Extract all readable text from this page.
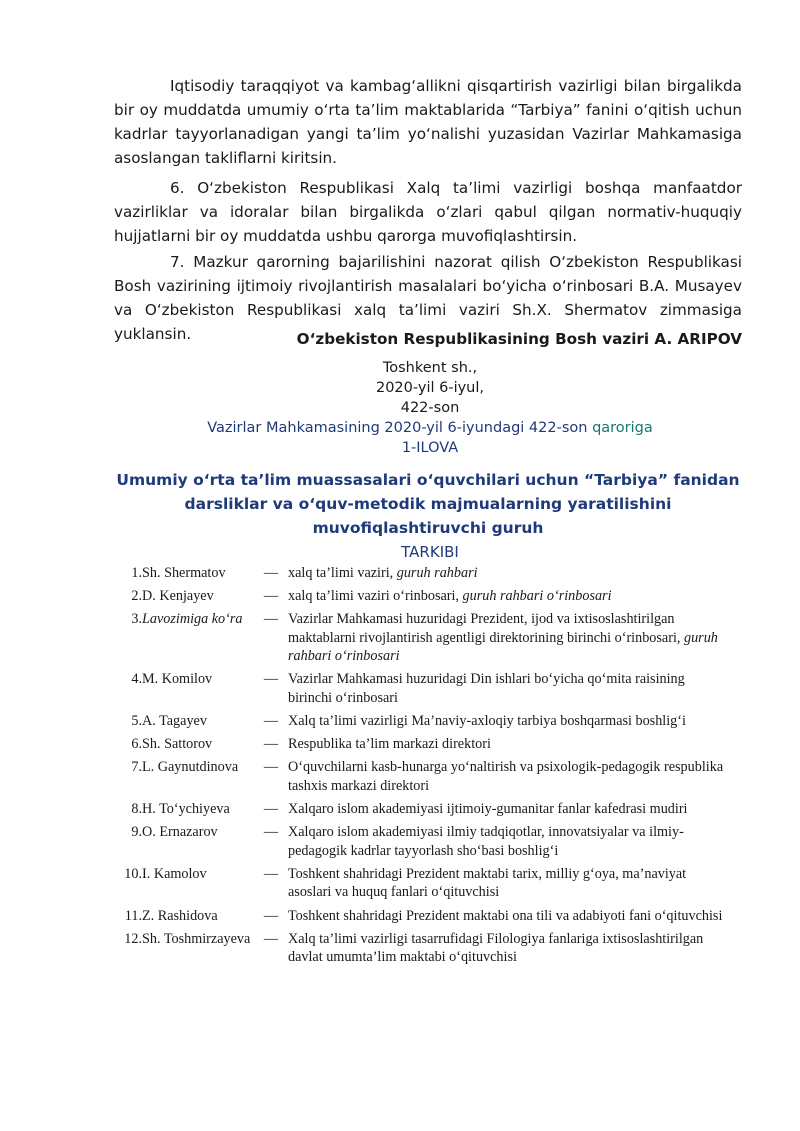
Iqtisodiy taraqqiyot va kambag‘allikni qisqartirish vazirligi bilan birgalikda bir oy muddatda umumiy o‘rta ta’lim maktablarida “Tarbiya” fanini o‘qitish uchun kadrlar tayyorlanadigan yangi ta’lim yo‘nalishi yuzasidan Vazirlar Mahkamasiga asoslangan takliflarni kiritsin.

6. O‘zbekiston Respublikasi Xalq ta’limi vazirligi boshqa manfaatdor vazirliklar va idoralar bilan birgalikda o‘zlari qabul qilgan normativ-huquqiy hujjatlarni bir oy muddatda ushbu qarorga muvofiqlashtirsin.

7. Mazkur qarorning bajarilishini nazorat qilish O‘zbekiston Respublikasi Bosh vazirining ijtimoiy rivojlantirish masalalari bo‘yicha o‘rinbosari B.A. Musayev va O‘zbekiston Respublikasi xalq ta’limi vaziri Sh.X. Shermatov zimmasiga yuklansin.	O‘zbekiston Respublikasining Bosh vaziri A. ARIPOV
Toshkent sh.,
2020-yil 6-iyul,
422-son
Vazirlar Mahkamasining 2020-yil 6-iyundagi 422-son qaroriga
1-ILOVA

Umumiy o‘rta ta’lim muassasalari o‘quvchilari uchun “Tarbiya” fanidan darsliklar va o‘quv-metodik majmualarning yaratilishini muvofiqlashtiruvchi guruh

TARKIBI
1.	Sh. Shermatov	—	xalq ta’limi vaziri, guruh rahbari
2.	D. Kenjayev	—	xalq ta’limi vaziri o‘rinbosari, guruh rahbari o‘rinbosari
3.	Lavozimiga ko‘ra	—	Vazirlar Mahkamasi huzuridagi Prezident, ijod va ixtisoslashtirilgan maktablarni rivojlantirish agentligi direktorining birinchi o‘rinbosari, guruh rahbari o‘rinbosari
4.	M. Komilov	—	Vazirlar Mahkamasi huzuridagi Din ishlari bo‘yicha qo‘mita raisining birinchi o‘rinbosari
5.	A. Tagayev	—	Xalq ta’limi vazirligi Ma’naviy-axloqiy tarbiya boshqarmasi boshlig‘i
6.	Sh. Sattorov	—	Respublika ta’lim markazi direktori
7.	L. Gaynutdinova	—	O‘quvchilarni kasb-hunarga yo‘naltirish va psixologik-pedagogik respublika tashxis markazi direktori
8.	H. To‘ychiyeva	—	Xalqaro islom akademiyasi ijtimoiy-gumanitar fanlar kafedrasi mudiri
9.	O. Ernazarov	—	Xalqaro islom akademiyasi ilmiy tadqiqotlar, innovatsiyalar va ilmiy-pedagogik kadrlar tayyorlash sho‘basi boshlig‘i
10.	I. Kamolov	—	Toshkent shahridagi Prezident maktabi tarix, milliy g‘oya, ma’naviyat asoslari va huquq fanlari o‘qituvchisi
11.	Z. Rashidova	—	Toshkent shahridagi Prezident maktabi ona tili va adabiyoti fani o‘qituvchisi
12.	Sh. Toshmirzayeva	—	Xalq ta’limi vazirligi tasarrufidagi Filologiya fanlariga ixtisoslashtirilgan davlat umumta’lim maktabi o‘qituvchisi
